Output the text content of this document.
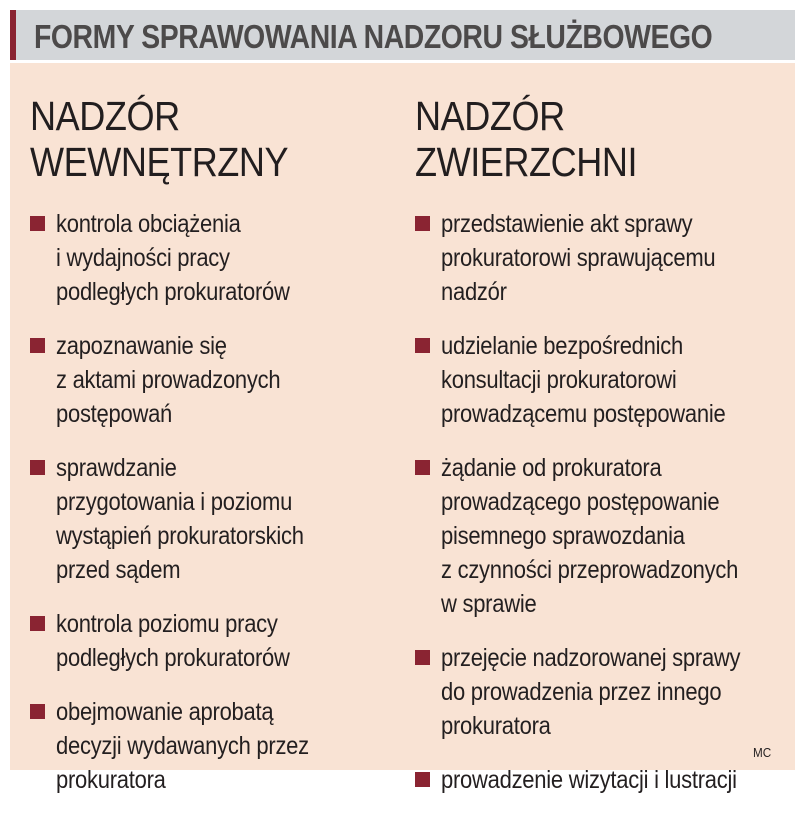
FORMY SPRAWOWANIA NADZORU SŁUŻBOWEGO
NADZÓR
WEWNĘTRZNY
kontrola obciążenia
i wydajności pracy
podległych prokuratorów
zapoznawanie się
z aktami prowadzonych
postępowań
sprawdzanie
przygotowania i poziomu
wystąpień prokuratorskich
przed sądem
kontrola poziomu pracy
podległych prokuratorów
obejmowanie aprobatą
decyzji wydawanych przez
prokuratora
NADZÓR
ZWIERZCHNI
przedstawienie akt sprawy
prokuratorowi sprawującemu
nadzór
udzielanie bezpośrednich
konsultacji prokuratorowi
prowadzącemu postępowanie
żądanie od prokuratora
prowadzącego postępowanie
pisemnego sprawozdania
z czynności przeprowadzonych
w sprawie
przejęcie nadzorowanej sprawy
do prowadzenia przez innego
prokuratora
prowadzenie wizytacji i lustracji
MC
